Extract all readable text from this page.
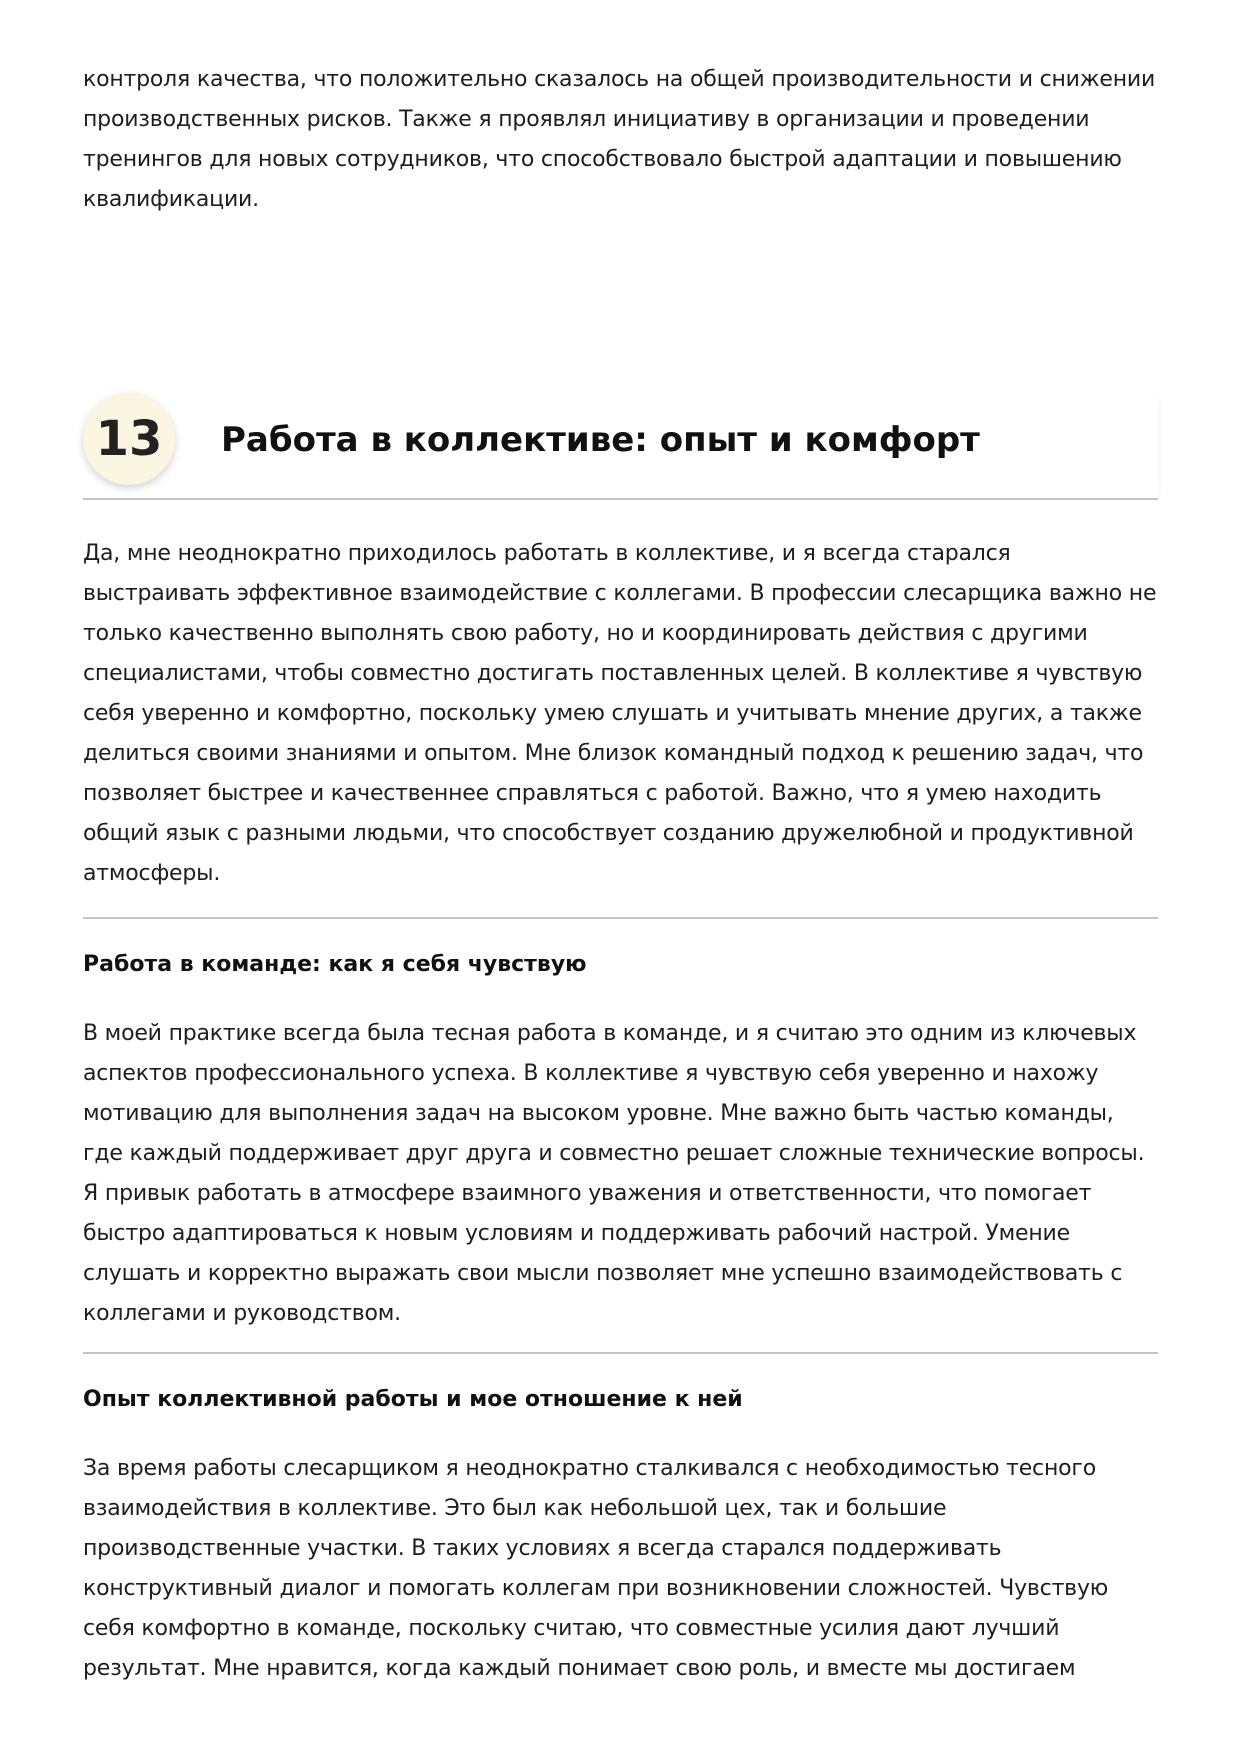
контроля качества, что положительно сказалось на общей производительности и снижении производственных рисков. Также я проявлял инициативу в организации и проведении тренингов для новых сотрудников, что способствовало быстрой адаптации и повышению квалификации.

13	Работа в коллективе: опыт и комфорт

Да, мне неоднократно приходилось работать в коллективе, и я всегда старался выстраивать эффективное взаимодействие с коллегами. В профессии слесарщика важно не только качественно выполнять свою работу, но и координировать действия с другими специалистами, чтобы совместно достигать поставленных целей. В коллективе я чувствую себя уверенно и комфортно, поскольку умею слушать и учитывать мнение других, а также делиться своими знаниями и опытом. Мне близок командный подход к решению задач, что позволяет быстрее и качественнее справляться с работой. Важно, что я умею находить общий язык с разными людьми, что способствует созданию дружелюбной и продуктивной атмосферы.

Работа в команде: как я себя чувствую

В моей практике всегда была тесная работа в команде, и я считаю это одним из ключевых аспектов профессионального успеха. В коллективе я чувствую себя уверенно и нахожу мотивацию для выполнения задач на высоком уровне. Мне важно быть частью команды, где каждый поддерживает друг друга и совместно решает сложные технические вопросы. Я привык работать в атмосфере взаимного уважения и ответственности, что помогает быстро адаптироваться к новым условиям и поддерживать рабочий настрой. Умение слушать и корректно выражать свои мысли позволяет мне успешно взаимодействовать с коллегами и руководством.

Опыт коллективной работы и мое отношение к ней

За время работы слесарщиком я неоднократно сталкивался с необходимостью тесного взаимодействия в коллективе. Это был как небольшой цех, так и большие производственные участки. В таких условиях я всегда старался поддерживать конструктивный диалог и помогать коллегам при возникновении сложностей. Чувствую себя комфортно в команде, поскольку считаю, что совместные усилия дают лучший результат. Мне нравится, когда каждый понимает свою роль, и вместе мы достигаем
